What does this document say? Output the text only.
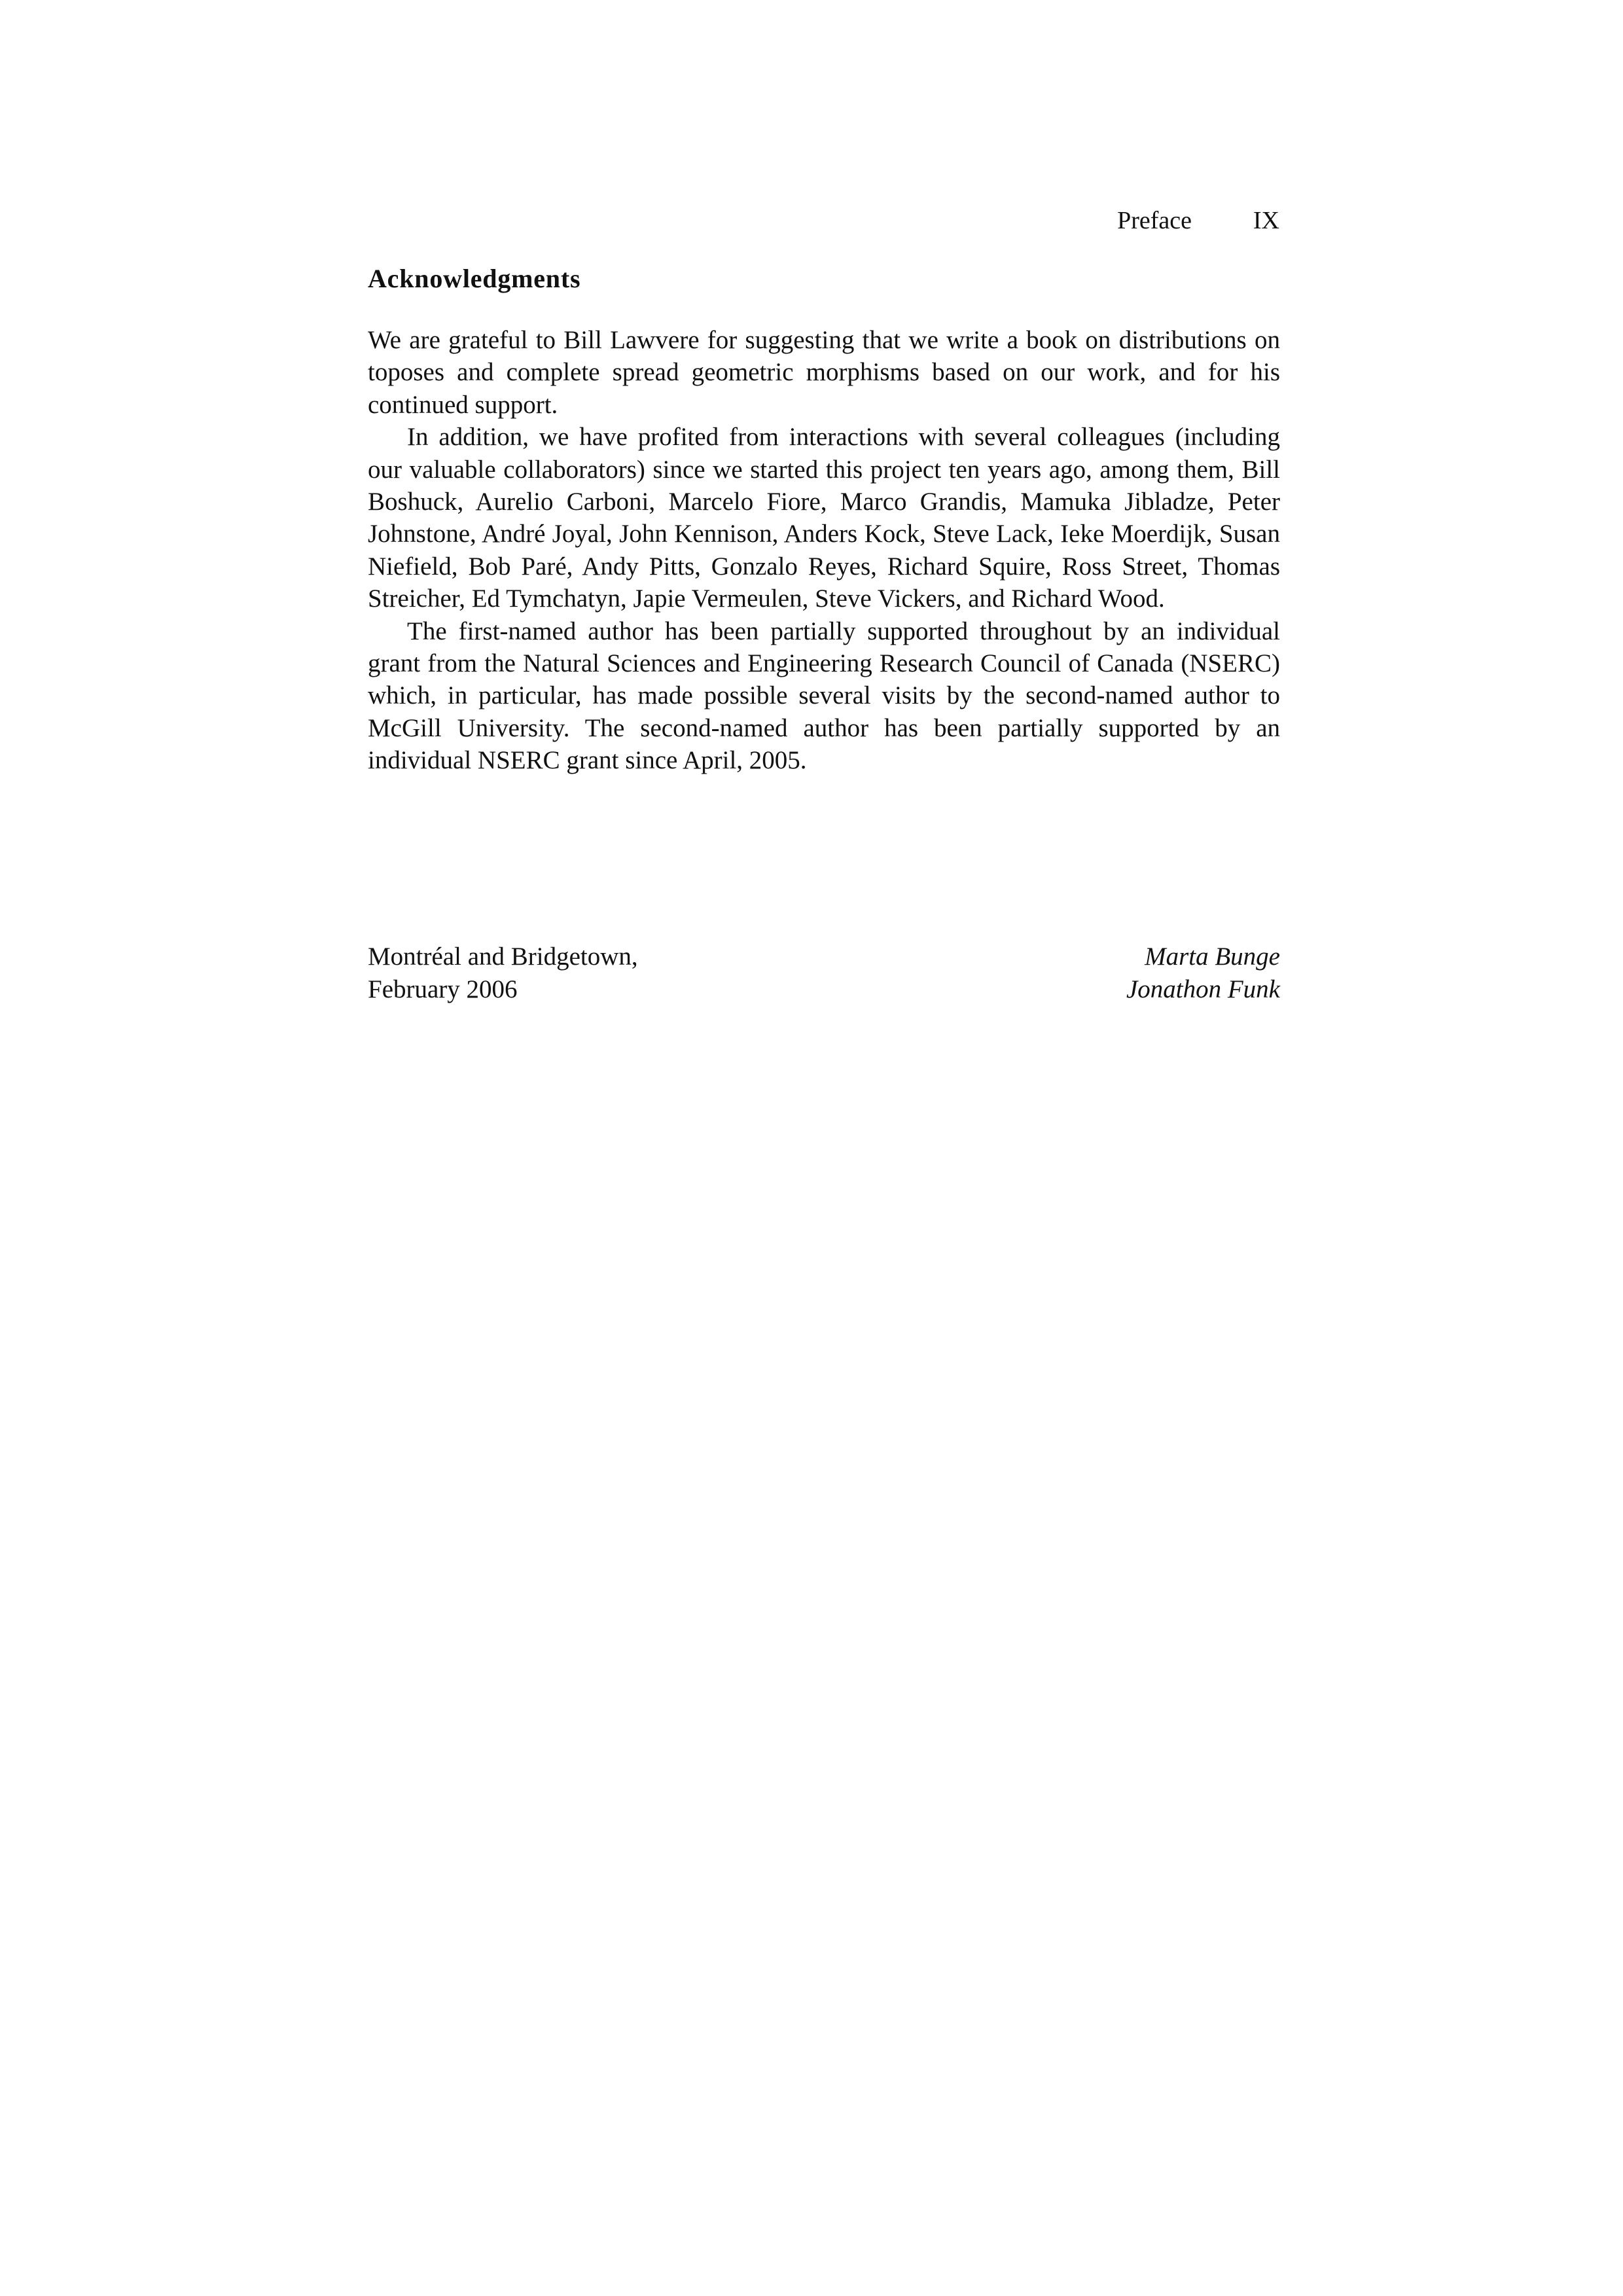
Preface IX
Acknowledgments

We are grateful to Bill Lawvere for suggesting that we write a book on distributions on toposes and complete spread geometric morphisms based on our work, and for his continued support.

In addition, we have profited from interactions with several colleagues (including our valuable collaborators) since we started this project ten years ago, among them, Bill Boshuck, Aurelio Carboni, Marcelo Fiore, Marco Grandis, Mamuka Jibladze, Peter Johnstone, André Joyal, John Kennison, Anders Kock, Steve Lack, Ieke Moerdijk, Susan Niefield, Bob Paré, Andy Pitts, Gonzalo Reyes, Richard Squire, Ross Street, Thomas Streicher, Ed Tymchatyn, Japie Vermeulen, Steve Vickers, and Richard Wood.

The first-named author has been partially supported throughout by an individual grant from the Natural Sciences and Engineering Research Council of Canada (NSERC) which, in particular, has made possible several visits by the second-named author to McGill University. The second-named author has been partially supported by an individual NSERC grant since April, 2005.

Montréal and Bridgetown,
February 2006
Marta Bunge
Jonathon Funk
